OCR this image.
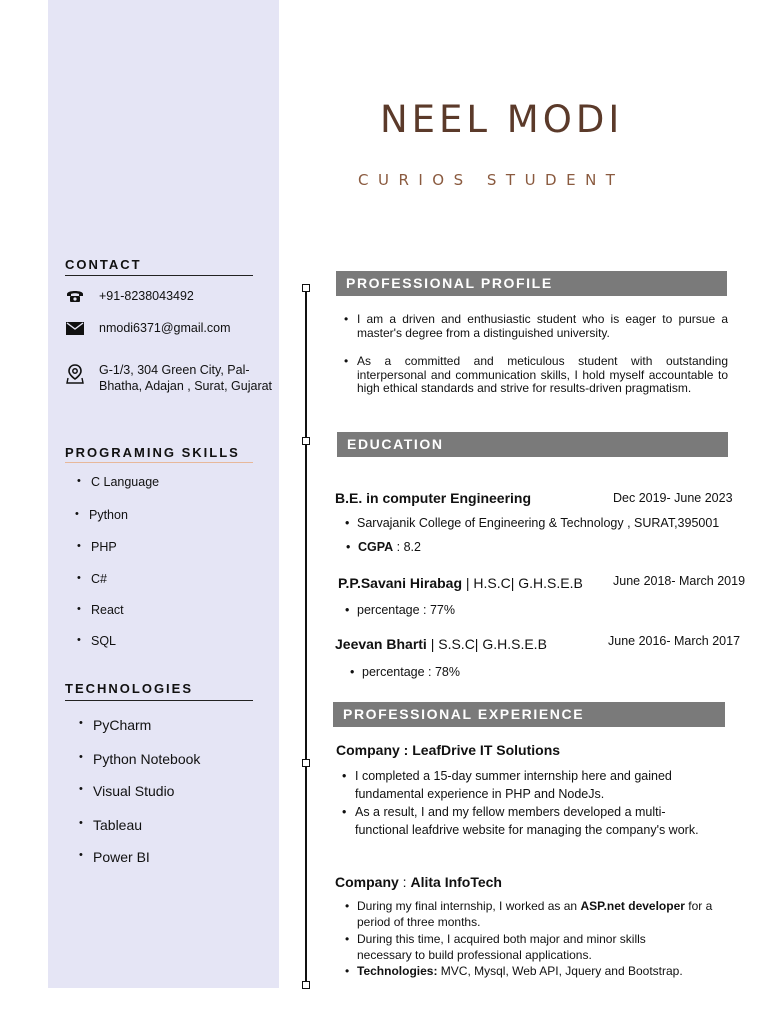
NEEL MODI
CURIOS STUDENT
CONTACT
+91-8238043492
nmodi6371@gmail.com
G-1/3, 304 Green City, Pal-Bhatha, Adajan , Surat, Gujarat
PROGRAMING SKILLS
• C Language
• Python
• PHP
• C#
• React
• SQL
TECHNOLOGIES
• PyCharm
• Python Notebook
• Visual Studio
• Tableau
• Power BI
PROFESSIONAL PROFILE
• I am a driven and enthusiastic student who is eager to pursue a master's degree from a distinguished university.
• As a committed and meticulous student with outstanding interpersonal and communication skills, I hold myself accountable to high ethical standards and strive for results-driven pragmatism.
EDUCATION
B.E. in computer Engineering	Dec 2019- June 2023
• Sarvajanik College of Engineering & Technology , SURAT,395001
• CGPA : 8.2
P.P.Savani Hirabag | H.S.C| G.H.S.E.B June 2018- March 2019
• percentage : 77%
Jeevan Bharti | S.S.C| G.H.S.E.B	June 2016- March 2017
• percentage : 78%
PROFESSIONAL EXPERIENCE
Company : LeafDrive IT Solutions
• I completed a 15-day summer internship here and gained fundamental experience in PHP and NodeJs.
• As a result, I and my fellow members developed a multi-functional leafdrive website for managing the company's work.
Company : Alita InfoTech
• During my final internship, I worked as an ASP.net developer for a period of three months.
• During this time, I acquired both major and minor skills necessary to build professional applications.
• Technologies: MVC, Mysql, Web API, Jquery and Bootstrap.
